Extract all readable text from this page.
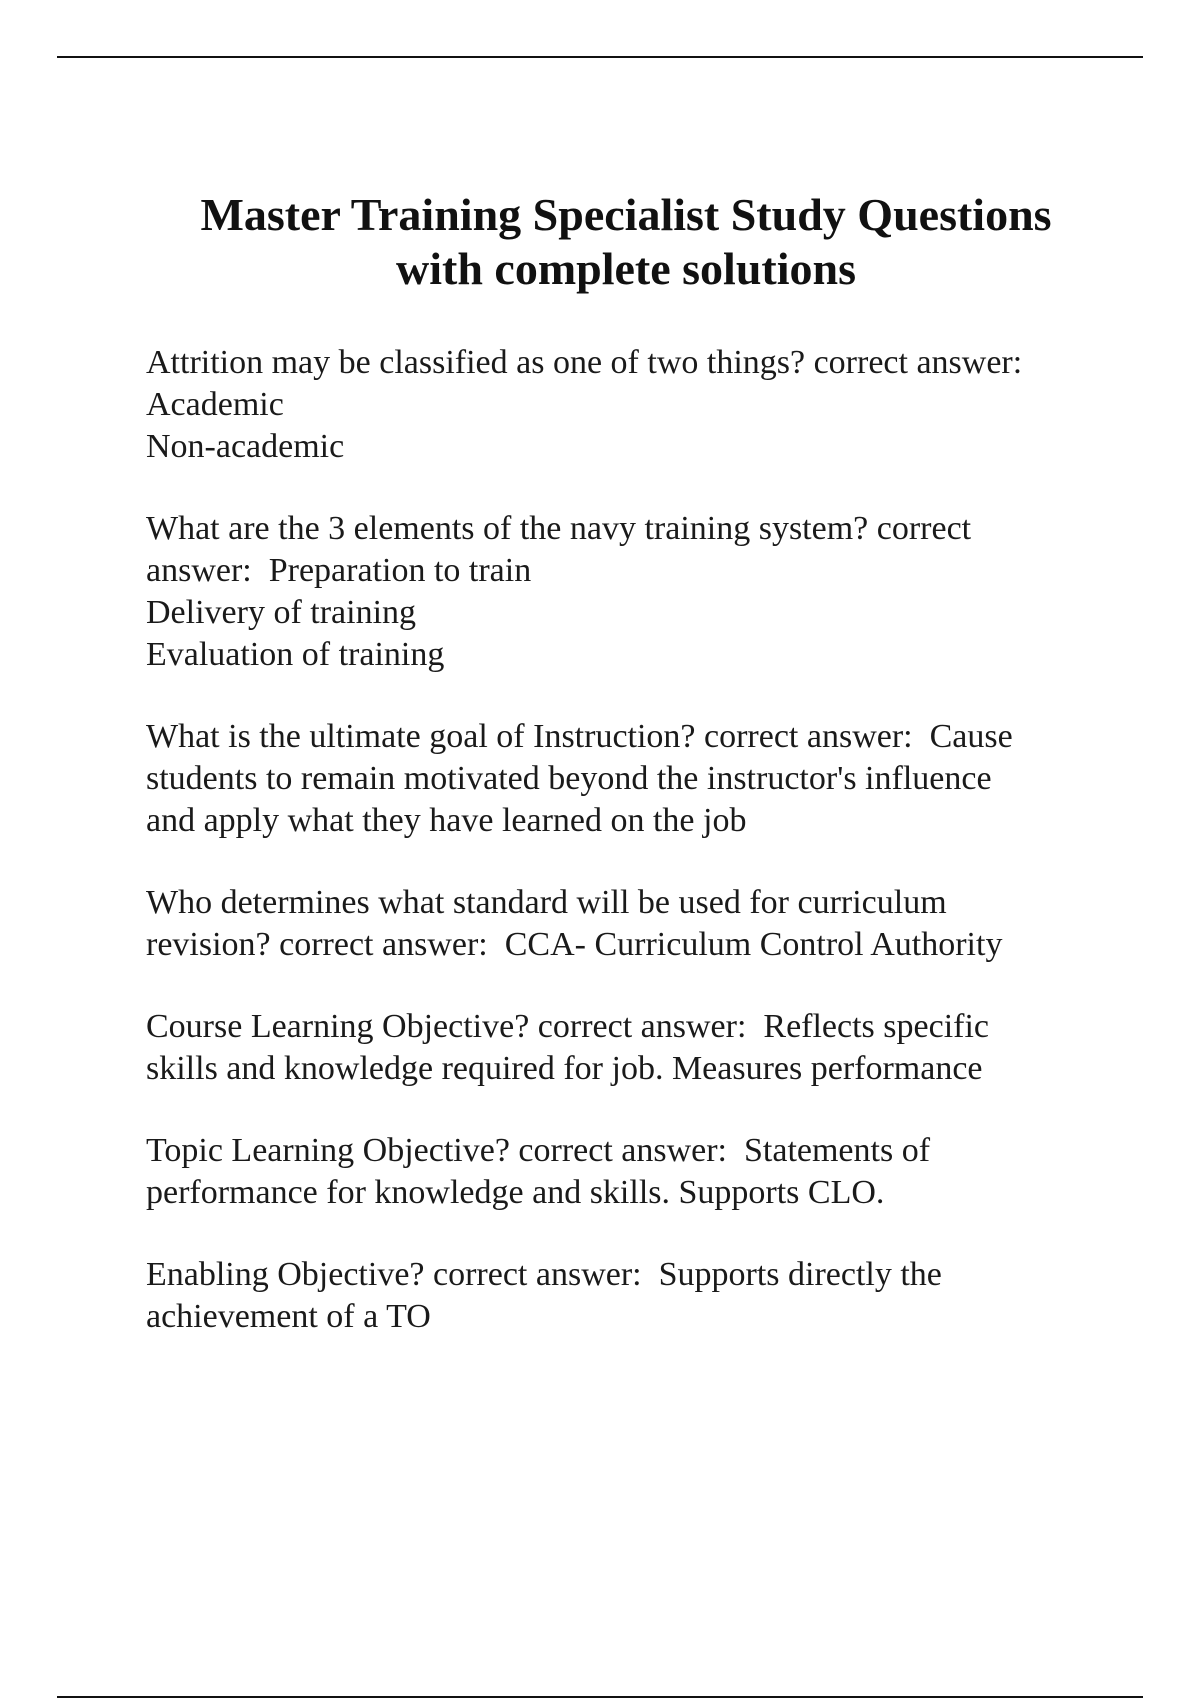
Master Training Specialist Study Questions
with complete solutions
Attrition may be classified as one of two things? correct answer:
Academic
Non-academic
What are the 3 elements of the navy training system? correct
answer:  Preparation to train
Delivery of training
Evaluation of training
What is the ultimate goal of Instruction? correct answer:  Cause
students to remain motivated beyond the instructor's influence
and apply what they have learned on the job
Who determines what standard will be used for curriculum
revision? correct answer:  CCA- Curriculum Control Authority
Course Learning Objective? correct answer:  Reflects specific
skills and knowledge required for job. Measures performance
Topic Learning Objective? correct answer:  Statements of
performance for knowledge and skills. Supports CLO.
Enabling Objective? correct answer:  Supports directly the
achievement of a TO
